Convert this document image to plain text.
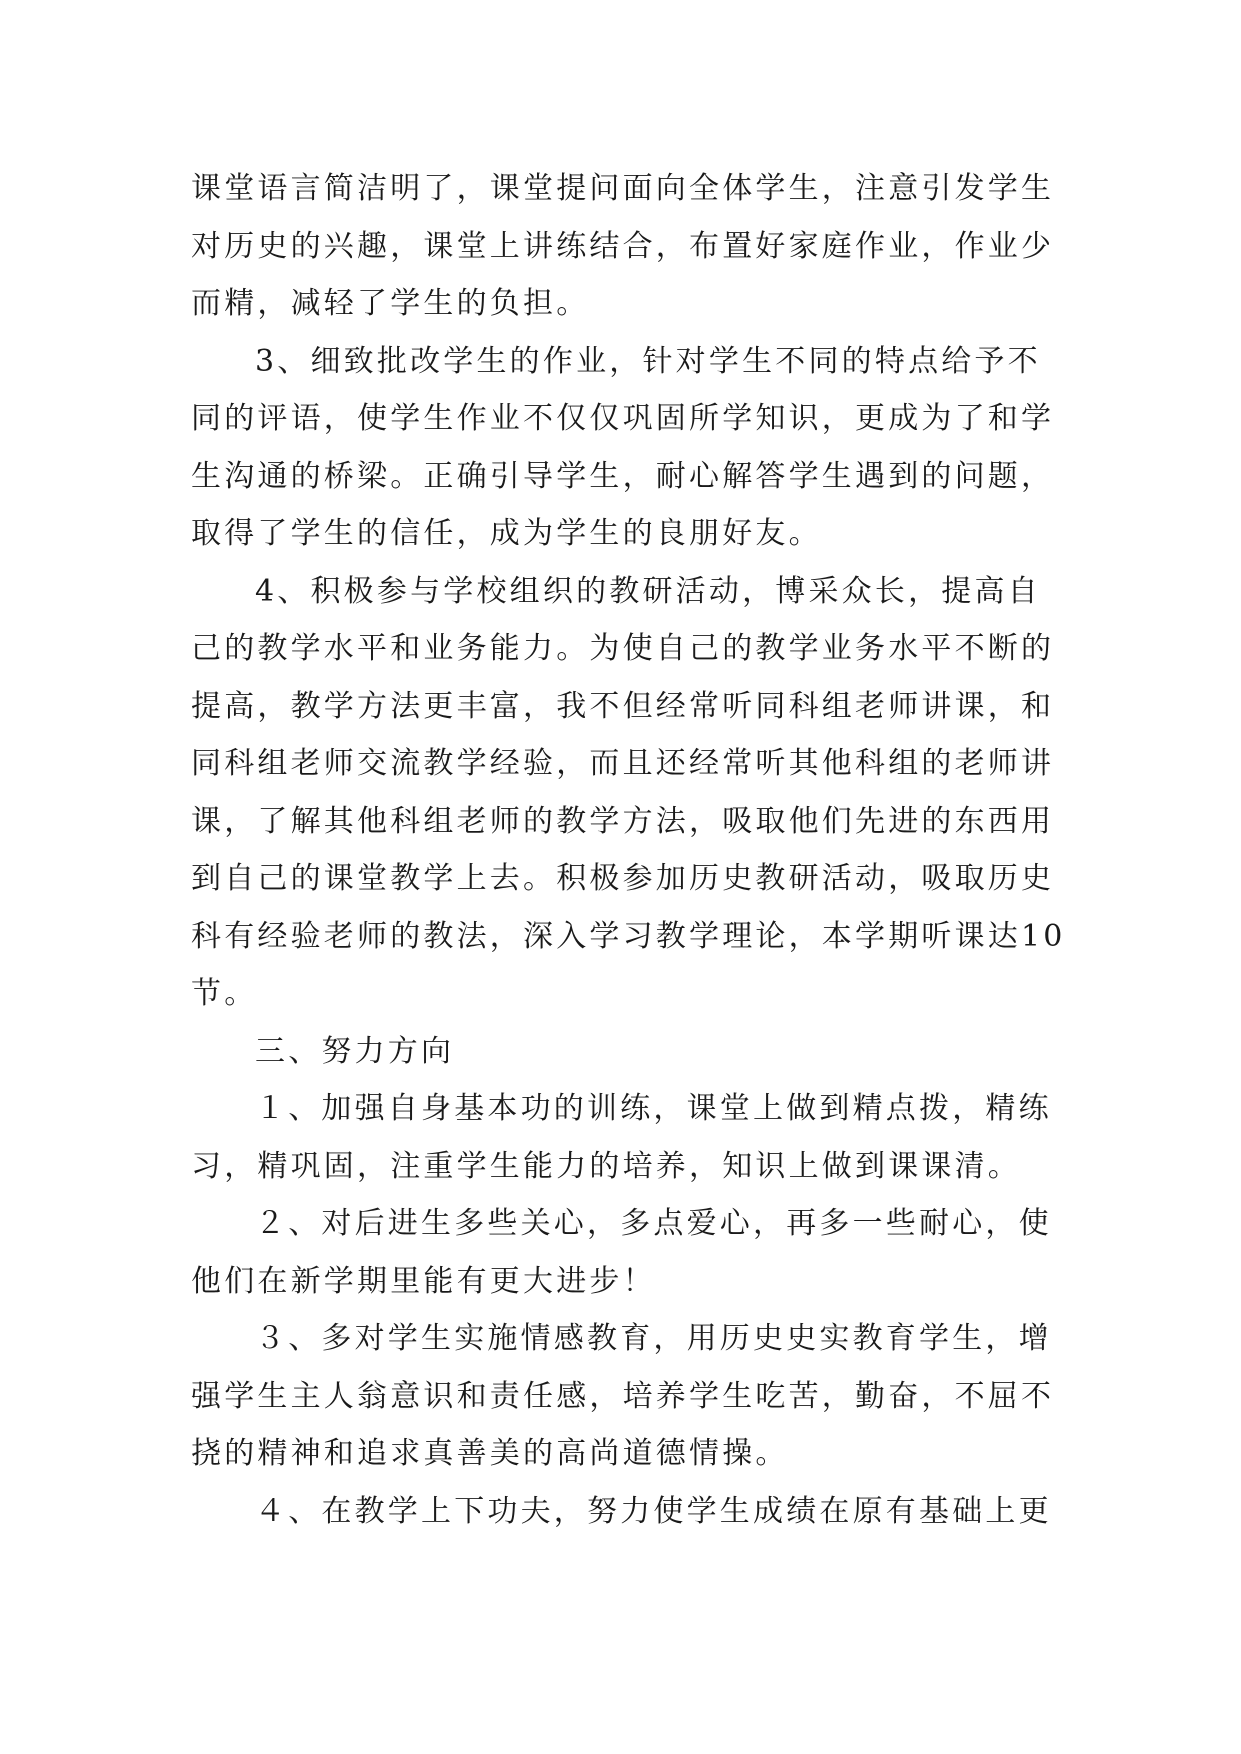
课堂语言简洁明了，课堂提问面向全体学生，注意引发学生
对历史的兴趣，课堂上讲练结合，布置好家庭作业，作业少
而精，减轻了学生的负担。
3、细致批改学生的作业，针对学生不同的特点给予不
同的评语，使学生作业不仅仅巩固所学知识，更成为了和学
生沟通的桥梁。正确引导学生，耐心解答学生遇到的问题，
取得了学生的信任，成为学生的良朋好友。
4、积极参与学校组织的教研活动，博采众长，提高自
己的教学水平和业务能力。为使自己的教学业务水平不断的
提高，教学方法更丰富，我不但经常听同科组老师讲课，和
同科组老师交流教学经验，而且还经常听其他科组的老师讲
课，了解其他科组老师的教学方法，吸取他们先进的东西用
到自己的课堂教学上去。积极参加历史教研活动，吸取历史
科有经验老师的教法，深入学习教学理论，本学期听课达10
节。
三、努力方向
１、加强自身基本功的训练，课堂上做到精点拨，精练
习，精巩固，注重学生能力的培养，知识上做到课课清。
２、对后进生多些关心，多点爱心，再多一些耐心，使
他们在新学期里能有更大进步！
３、多对学生实施情感教育，用历史史实教育学生，增
强学生主人翁意识和责任感，培养学生吃苦，勤奋，不屈不
挠的精神和追求真善美的高尚道德情操。
４、在教学上下功夫，努力使学生成绩在原有基础上更
